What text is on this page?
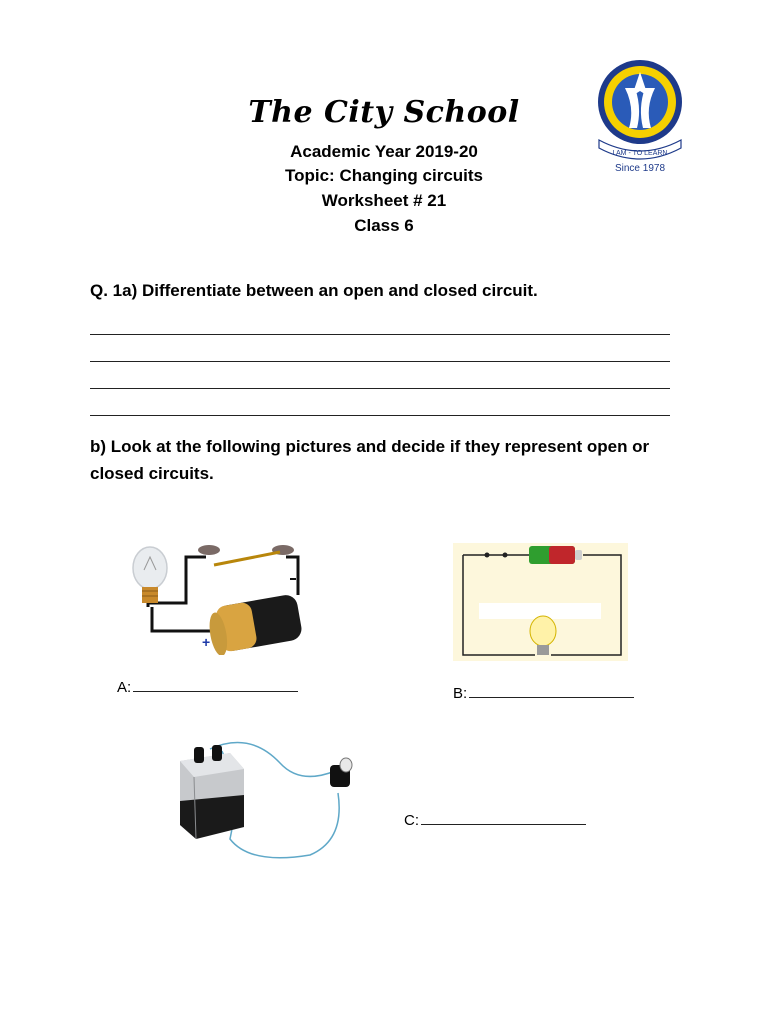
The City School
Academic Year 2019-20
Topic: Changing circuits
Worksheet # 21
Class 6
I AM - TO LEARN
Since 1978
Q. 1a) Differentiate between an open and closed circuit.
b) Look at the following pictures and decide if they represent open or
closed circuits.
+
A:	B:
C:
